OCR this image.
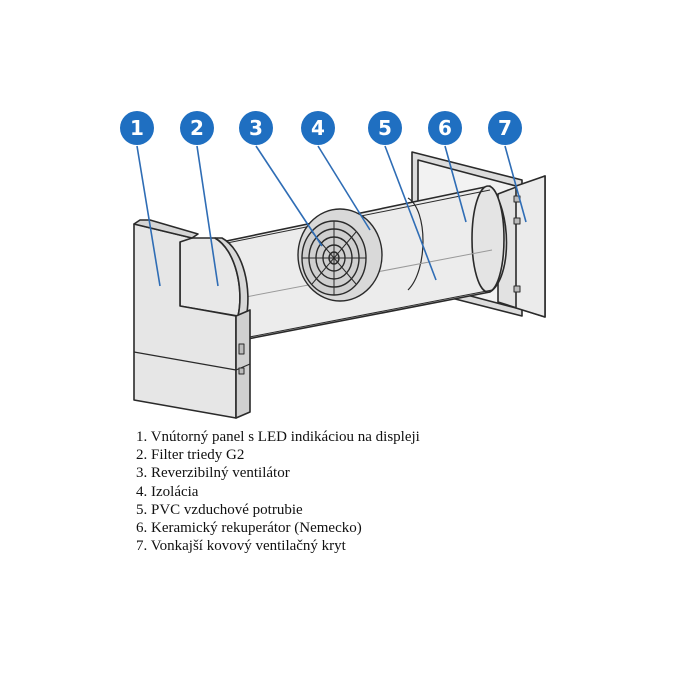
1 2 3 4	5 6 7
1. Vnútorný panel s LED indikáciou na displeji
2. Filter triedy G2
3. Reverzibilný ventilátor
4. Izolácia
5. PVC vzduchové potrubie
6. Keramický rekuperátor (Nemecko)
7. Vonkajší kovový ventilačný kryt
